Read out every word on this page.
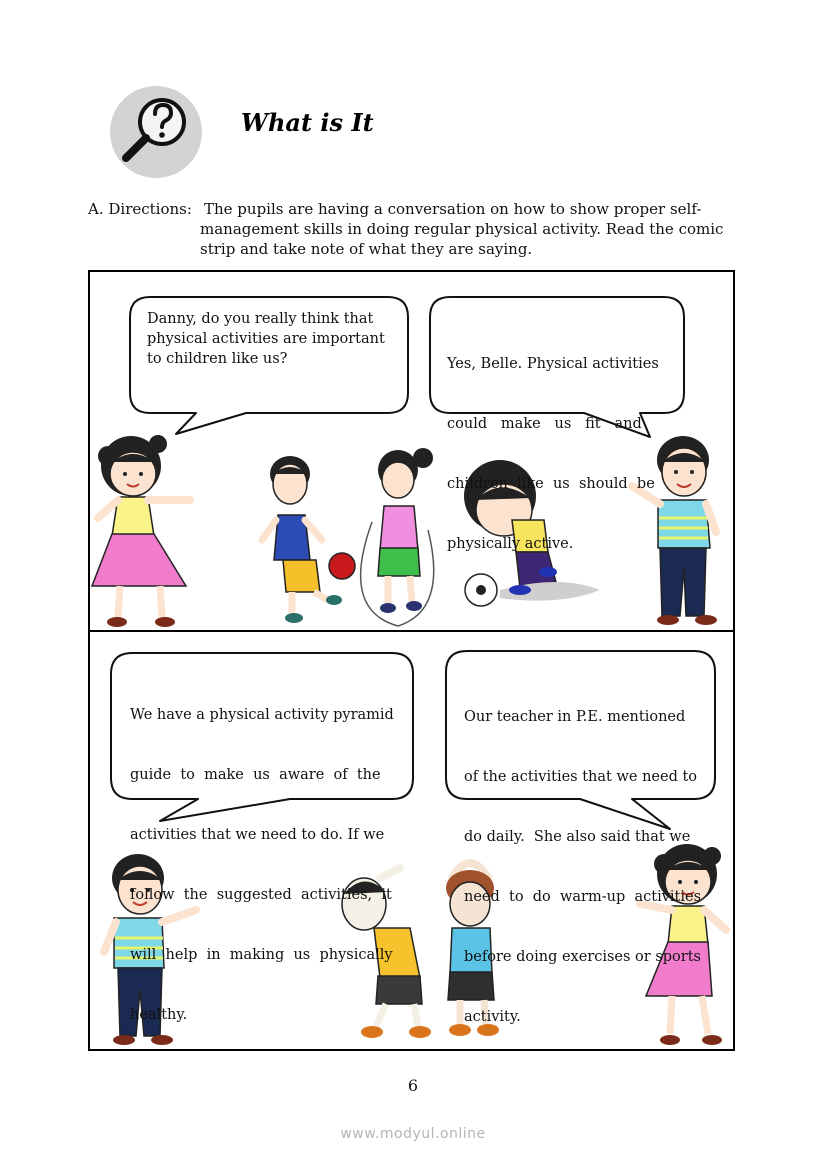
What is It
A. Directions: The pupils are having a conversation on how to show proper self-
management skills in doing regular physical activity. Read the comic
strip and take note of what they are saying.
Danny, do you really think that
physical activities are important
to children like us?

	Yes, Belle. Physical activities

could   make   us   fit   and

children  like  us  should  be

physically active.

We have a physical activity pyramid

guide  to  make  us  aware  of  the

activities that we need to do. If we

follow  the  suggested  activities,  it

will  help  in  making  us  physically

healthy.

Our teacher in P.E. mentioned

of the activities that we need to

do daily.  She also said that we

need  to  do  warm-up  activities

before doing exercises or sports

activity.

6
www.modyul.online
